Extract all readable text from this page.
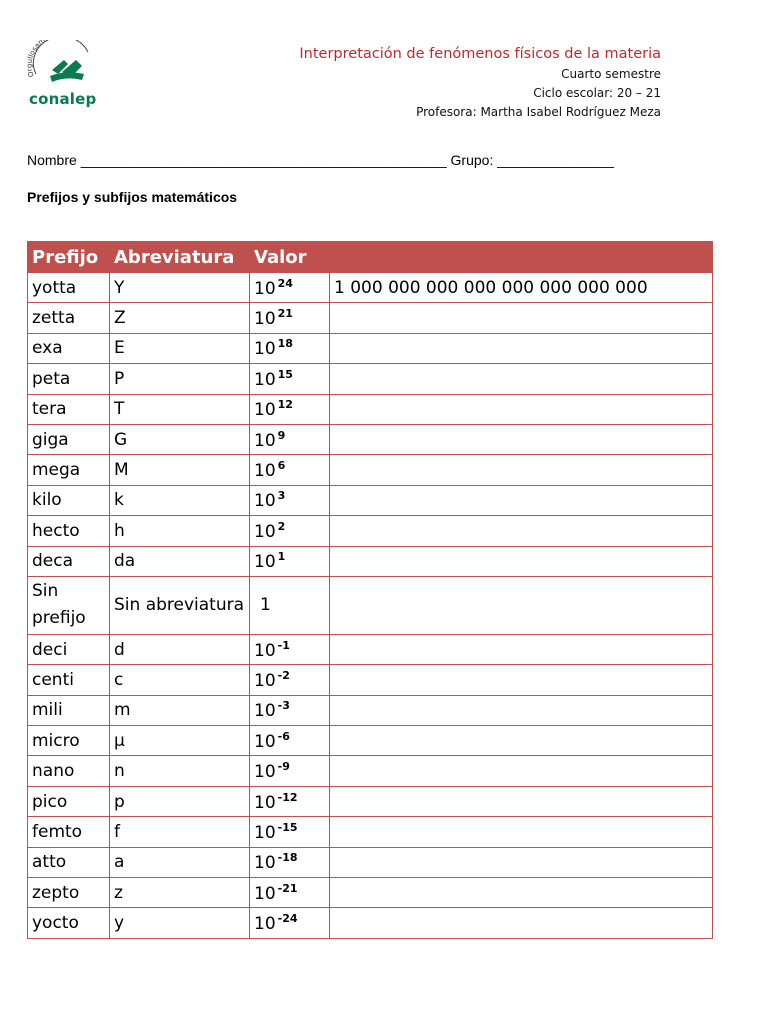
Orgullosam
conalep
Interpretación de fenómenos físicos de la materia
Cuarto semestre
Ciclo escolar: 20 – 21
Profesora: Martha Isabel Rodríguez Meza
Nombre _______________________________________________ Grupo: _______________
Prefijos y subfijos matemáticos
Prefijo	Abreviatura	Valor	
yotta	Y	10 $^{24}$	1 000 000 000 000 000 000 000 000
zetta	Z	10 $^{21}$	
exa	E	10 $^{18}$	
peta	P	10 $^{15}$	
tera	T	10 $^{12}$	
giga	G	10 $^9$	
mega	M	10 $^6$	
kilo	k	10 $^3$	
hecto	h	10 $^2$	
deca	da	10 $^1$	
Sin prefijo	Sin abreviatura	1	
deci	d	10 $^{-1}$	
centi	c	10 $^{-2}$	
mili	m	10 $^{-3}$	
micro	µ	10 $^{-6}$	
nano	n	10 $^{-9}$	
pico	p	10 $^{-12}$	
femto	f	10 $^{-15}$	
atto	a	10 $^{-18}$	
zepto	z	10 $^{-21}$	
yocto	y	10 $^{-24}$	
